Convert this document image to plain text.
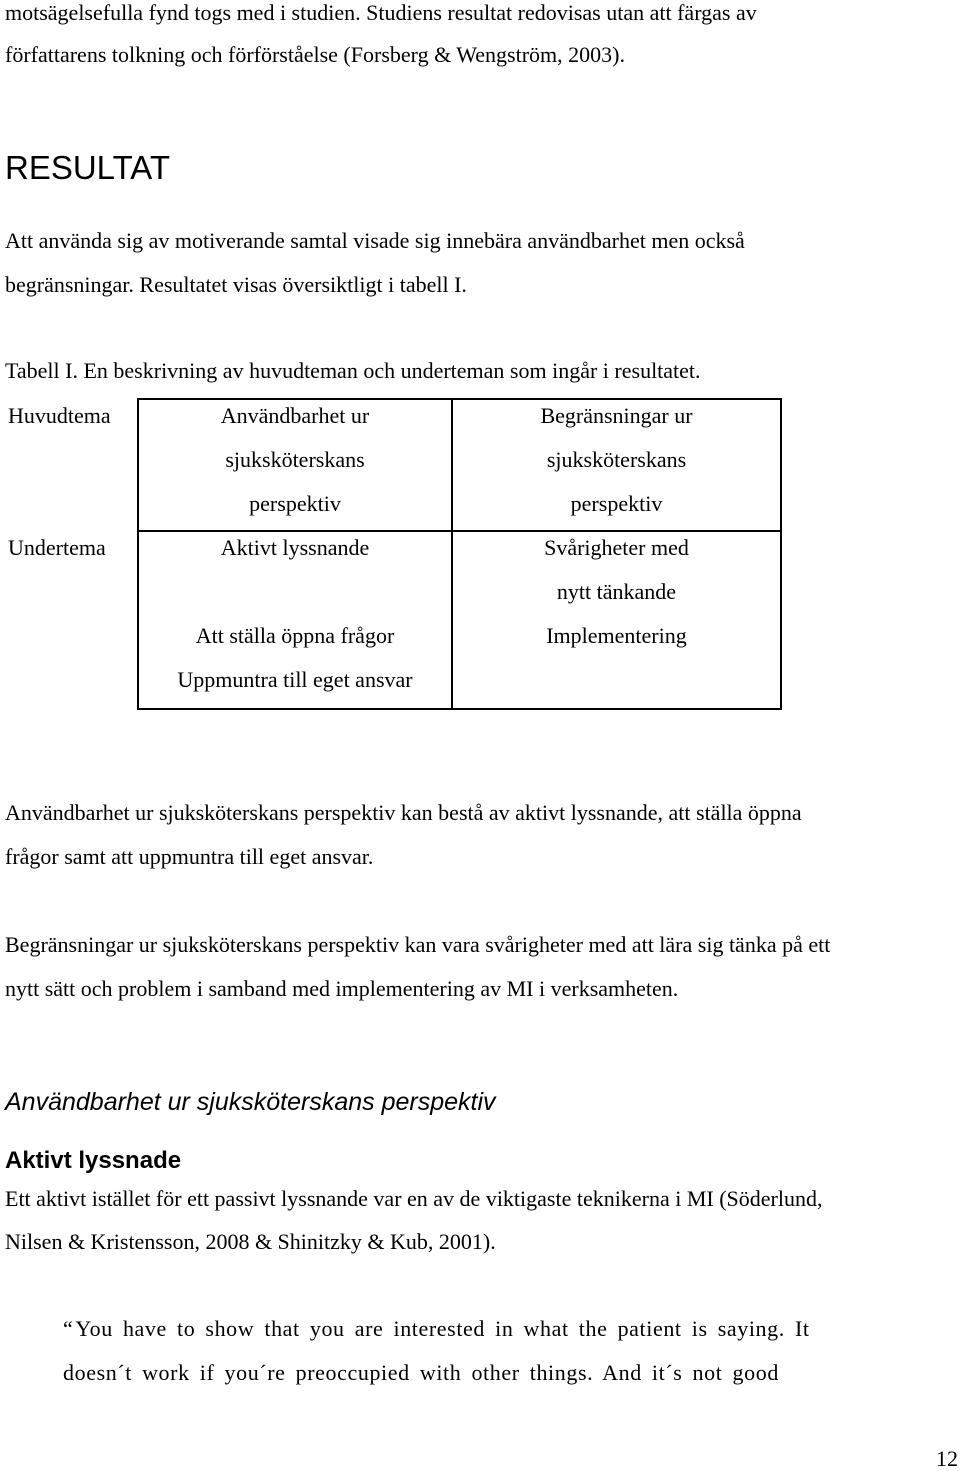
motsägelsefulla fynd togs med i studien. Studiens resultat redovisas utan att färgas av
författarens tolkning och förförståelse (Forsberg & Wengström, 2003).
RESULTAT
Att använda sig av motiverande samtal visade sig innebära användbarhet men också
begränsningar. Resultatet visas översiktligt i tabell I.
Tabell I. En beskrivning av huvudteman och underteman som ingår i resultatet.
Huvudtema
Undertema
Användbarhet ur
sjuksköterskans
perspektiv
Begränsningar ur
sjuksköterskans
perspektiv
Aktivt lyssnande
Att ställa öppna frågor
Uppmuntra till eget ansvar
Svårigheter med
nytt tänkande
Implementering
Användbarhet ur sjuksköterskans perspektiv kan bestå av aktivt lyssnande, att ställa öppna
frågor samt att uppmuntra till eget ansvar.
Begränsningar ur sjuksköterskans perspektiv kan vara svårigheter med att lära sig tänka på ett
nytt sätt och problem i samband med implementering av MI i verksamheten.
Användbarhet ur sjuksköterskans perspektiv
Aktivt lyssnade
Ett aktivt istället för ett passivt lyssnande var en av de viktigaste teknikerna i MI (Söderlund,
Nilsen & Kristensson, 2008 & Shinitzky & Kub, 2001).
“You have to show that you are interested in what the patient is saying. It
doesn´t work if you´re preoccupied with other things. And it´s not good
12
